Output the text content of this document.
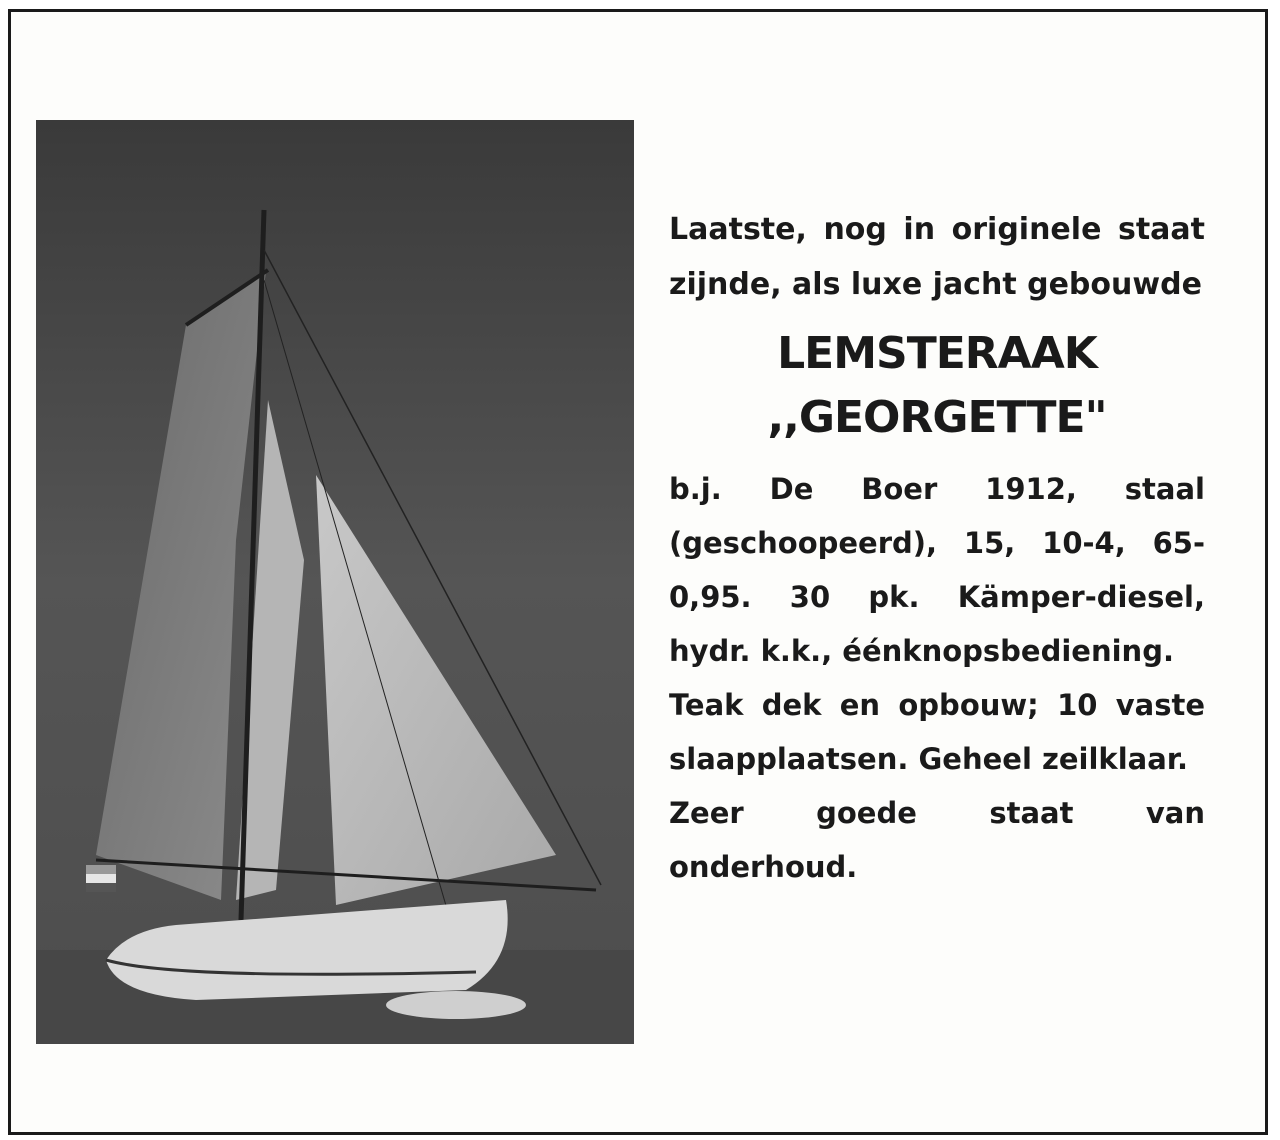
Laatste, nog in originele staat zijnde, als luxe jacht gebouwde

LEMSTERAAK
,,GEORGETTE"
b.j. De Boer 1912, staal (geschoopeerd), 15, 10-4, 65-0,95. 30 pk. Kämper-diesel, hydr. k.k., éénknopsbediening.
Teak dek en opbouw; 10 vaste slaapplaatsen. Geheel zeilklaar.
Zeer goede staat van onderhoud.
